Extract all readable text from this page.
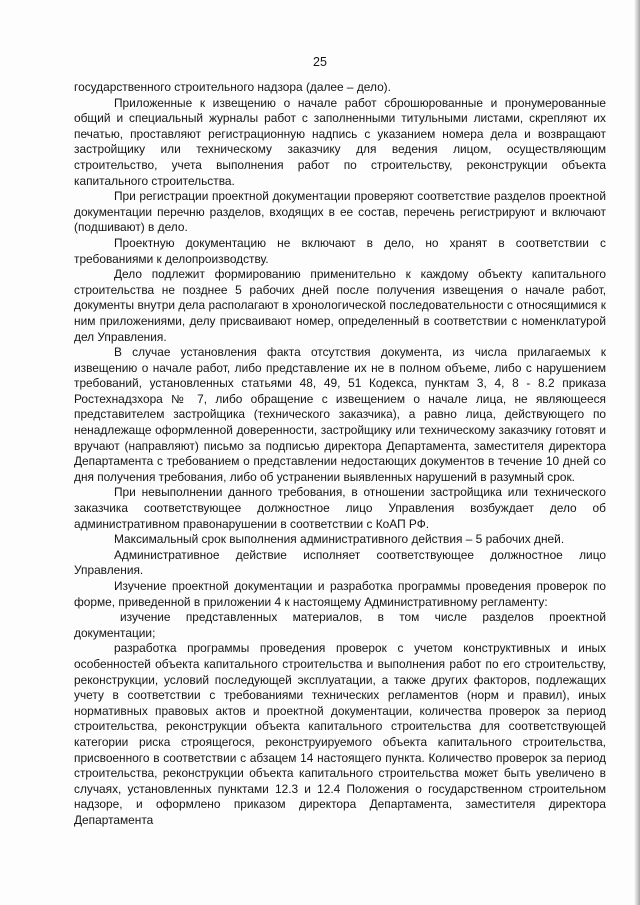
25

государственного строительного надзора (далее – дело).

Приложенные к извещению о начале работ сброшюрованные и пронумерованные общий и специальный журналы работ с заполненными титульными листами, скрепляют их печатью, проставляют регистрационную надпись с указанием номера дела и возвращают застройщику или техническому заказчику для ведения лицом, осуществляющим строительство, учета выполнения работ по строительству, реконструкции объекта капитального строительства.

При регистрации проектной документации проверяют соответствие разделов проектной документации перечню разделов, входящих в ее состав, перечень регистрируют и включают (подшивают) в дело.

Проектную документацию не включают в дело, но хранят в соответствии с требованиями к делопроизводству.

Дело подлежит формированию применительно к каждому объекту капитального строительства не позднее 5 рабочих дней после получения извещения о начале работ, документы внутри дела располагают в хронологической последовательности с относящимися к ним приложениями, делу присваивают номер, определенный в соответствии с номенклатурой дел Управления.

В случае установления факта отсутствия документа, из числа прилагаемых к извещению о начале работ, либо представление их не в полном объеме, либо с нарушением требований, установленных статьями 48, 49, 51 Кодекса, пунктам 3, 4, 8 - 8.2 приказа Ростехнадзхора № 7, либо обращение с извещением о начале лица, не являющееся представителем застройщика (технического заказчика), а равно лица, действующего по ненадлежаще оформленной доверенности, застройщику или техническому заказчику готовят и вручают (направляют) письмо за подписью директора Департамента, заместителя директора Департамента с требованием о представлении недостающих документов в течение 10 дней со дня получения требования, либо об устранении выявленных нарушений в разумный срок.

При невыполнении данного требования, в отношении застройщика или технического заказчика соответствующее должностное лицо Управления возбуждает дело об административном правонарушении в соответствии с КоАП РФ.

Максимальный срок выполнения административного действия – 5 рабочих дней.

Административное действие исполняет соответствующее должностное лицо Управления.

Изучение проектной документации и разработка программы проведения проверок по форме, приведенной в приложении 4 к настоящему Административному регламенту:

изучение представленных материалов, в том числе разделов проектной документации;

разработка программы проведения проверок с учетом конструктивных и иных особенностей объекта капитального строительства и выполнения работ по его строительству, реконструкции, условий последующей эксплуатации, а также других факторов, подлежащих учету в соответствии с требованиями технических регламентов (норм и правил), иных нормативных правовых актов и проектной документации, количества проверок за период строительства, реконструкции объекта капитального строительства для соответствующей категории риска строящегося, реконструируемого объекта капитального строительства, присвоенного в соответствии с абзацем 14 настоящего пункта. Количество проверок за период строительства, реконструкции объекта капитального строительства может быть увеличено в случаях, установленных пунктами 12.3 и 12.4 Положения о государственном строительном надзоре, и оформлено приказом директора Департамента, заместителя директора Департамента
